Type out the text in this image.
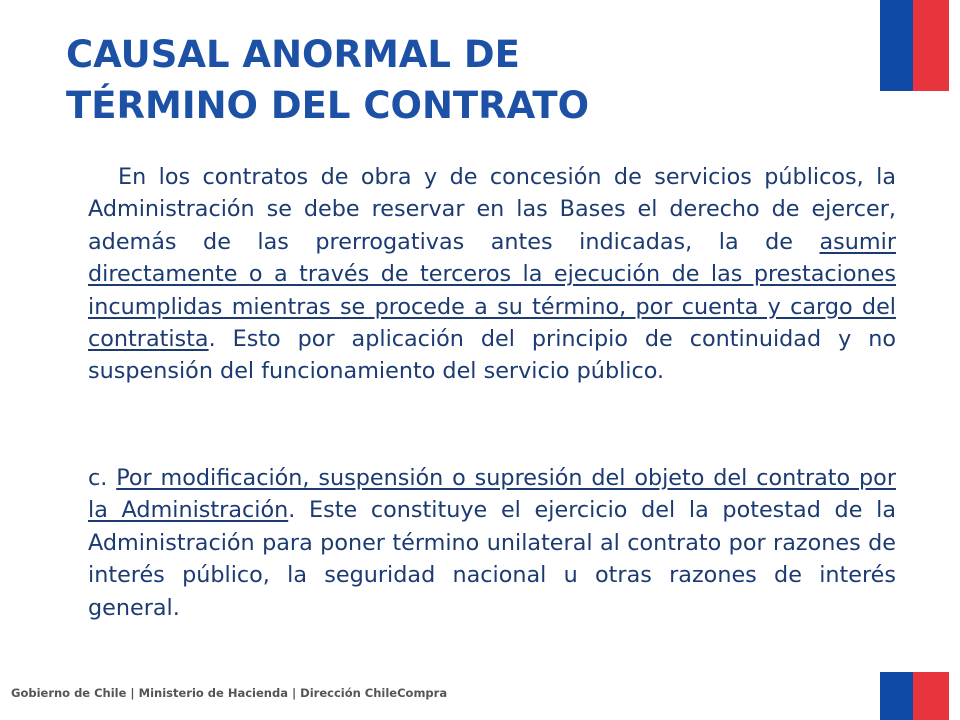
CAUSAL ANORMAL DE
TÉRMINO DEL CONTRATO

En los contratos de obra y de concesión de servicios públicos, la Administración se debe reservar en las Bases el derecho de ejercer, además de las prerrogativas antes indicadas, la de asumir directamente o a través de terceros la ejecución de las prestaciones incumplidas mientras se procede a su término, por cuenta y cargo del contratista. Esto por aplicación del principio de continuidad y no suspensión del funcionamiento del servicio público.

c. Por modificación, suspensión o supresión del objeto del contrato por la Administración. Este constituye el ejercicio del la potestad de la Administración para poner término unilateral al contrato por razones de interés público, la seguridad nacional u otras razones de interés general.

Gobierno de Chile | Ministerio de Hacienda | Dirección ChileCompra
